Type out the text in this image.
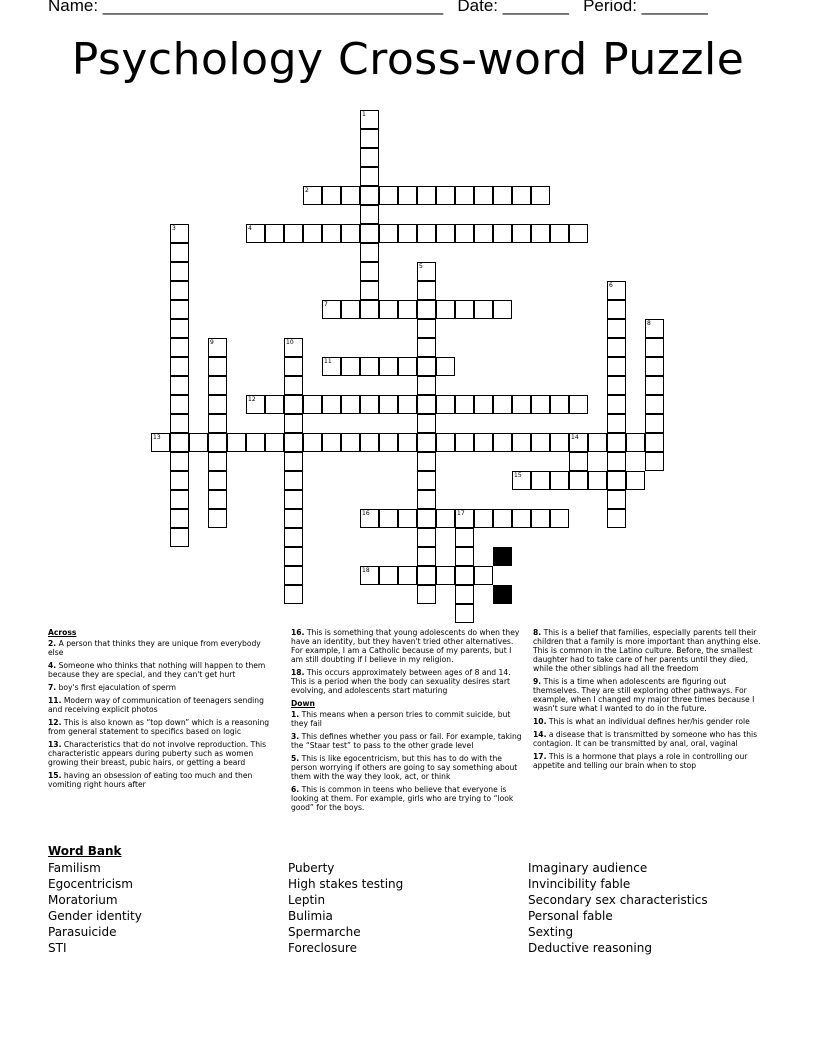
Name: ____________________________________ Date: _______ Period: _______
Psychology Cross-word Puzzle
1
2
3	4
5
6
7
8
9	10
11
12
13	14
15
16	17
18
Across
2. A person that thinks they are unique from everybody else
4. Someone who thinks that nothing will happen to them because they are special, and they can't get hurt
7. boy's first ejaculation of sperm
11. Modern way of communication of teenagers sending and receiving explicit photos
12. This is also known as “top down” which is a reasoning from general statement to specifics based on logic
13. Characteristics that do not involve reproduction. This characteristic appears during puberty such as women growing their breast, pubic hairs, or getting a beard
15. having an obsession of eating too much and then vomiting right hours after
16. This is something that young adolescents do when they have an identity, but they haven't tried other alternatives. For example, I am a Catholic because of my parents, but I am still doubting if I believe in my religion.
18. This occurs approximately between ages of 8 and 14. This is a period when the body can sexuality desires start evolving, and adolescents start maturing
Down
1. This means when a person tries to commit suicide, but they fail
3. This defines whether you pass or fail. For example, taking the “Staar test” to pass to the other grade level
5. This is like egocentricism, but this has to do with the person worrying if others are going to say something about them with the way they look, act, or think
6. This is common in teens who believe that everyone is looking at them. For example, girls who are trying to “look good” for the boys.
8. This is a belief that families, especially parents tell their children that a family is more important than anything else. This is common in the Latino culture. Before, the smallest daughter had to take care of her parents until they died, while the other siblings had all the freedom
9. This is a time when adolescents are figuring out themselves. They are still exploring other pathways. For example, when I changed my major three times because I wasn't sure what I wanted to do in the future.
10. This is what an individual defines her/his gender role
14. a disease that is transmitted by someone who has this contagion. It can be transmitted by anal, oral, vaginal
17. This is a hormone that plays a role in controlling our appetite and telling our brain when to stop
Word Bank
Familism
Egocentricism
Moratorium
Gender identity
Parasuicide
STI
Puberty
High stakes testing
Leptin
Bulimia
Spermarche
Foreclosure
Imaginary audience
Invincibility fable
Secondary sex characteristics
Personal fable
Sexting
Deductive reasoning
